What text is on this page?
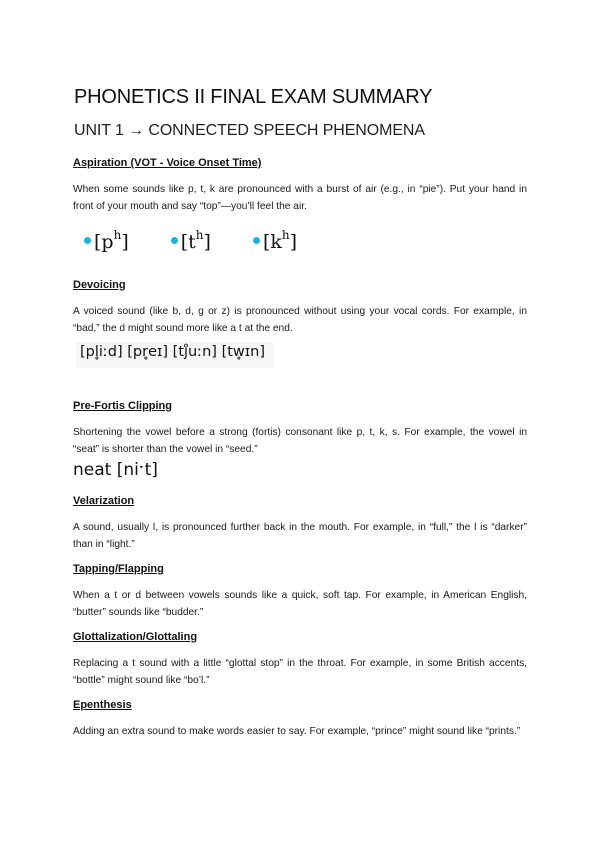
PHONETICS II FINAL EXAM SUMMARY
UNIT 1 → CONNECTED SPEECH PHENOMENA
Aspiration (VOT - Voice Onset Time)
When some sounds like p, t, k are pronounced with a burst of air (e.g., in “pie”). Put your hand in front of your mouth and say “top”—you’ll feel the air.
$[p^h]$	$[t^h]$	$[k^h]$
Devoicing
A voiced sound (like b, d, g or z) is pronounced without using your vocal cords. For example, in “bad,” the d might sound more like a t at the end.
[pl̥iːd] [pr̥eɪ] [tj̊uːn] [tw̥ɪn]
Pre-Fortis Clipping
Shortening the vowel before a strong (fortis) consonant like p, t, k, s. For example, the vowel in “seat” is shorter than the vowel in “seed.”
neat [niˑt]
Velarization
A sound, usually l, is pronounced further back in the mouth. For example, in “full,” the l is “darker” than in “light.”
Tapping/Flapping
When a t or d between vowels sounds like a quick, soft tap. For example, in American English, “butter” sounds like “budder.”
Glottalization/Glottaling
Replacing a t sound with a little “glottal stop” in the throat. For example, in some British accents, “bottle” might sound like “bo’l.”
Epenthesis
Adding an extra sound to make words easier to say. For example, “prince” might sound like “prints.”
